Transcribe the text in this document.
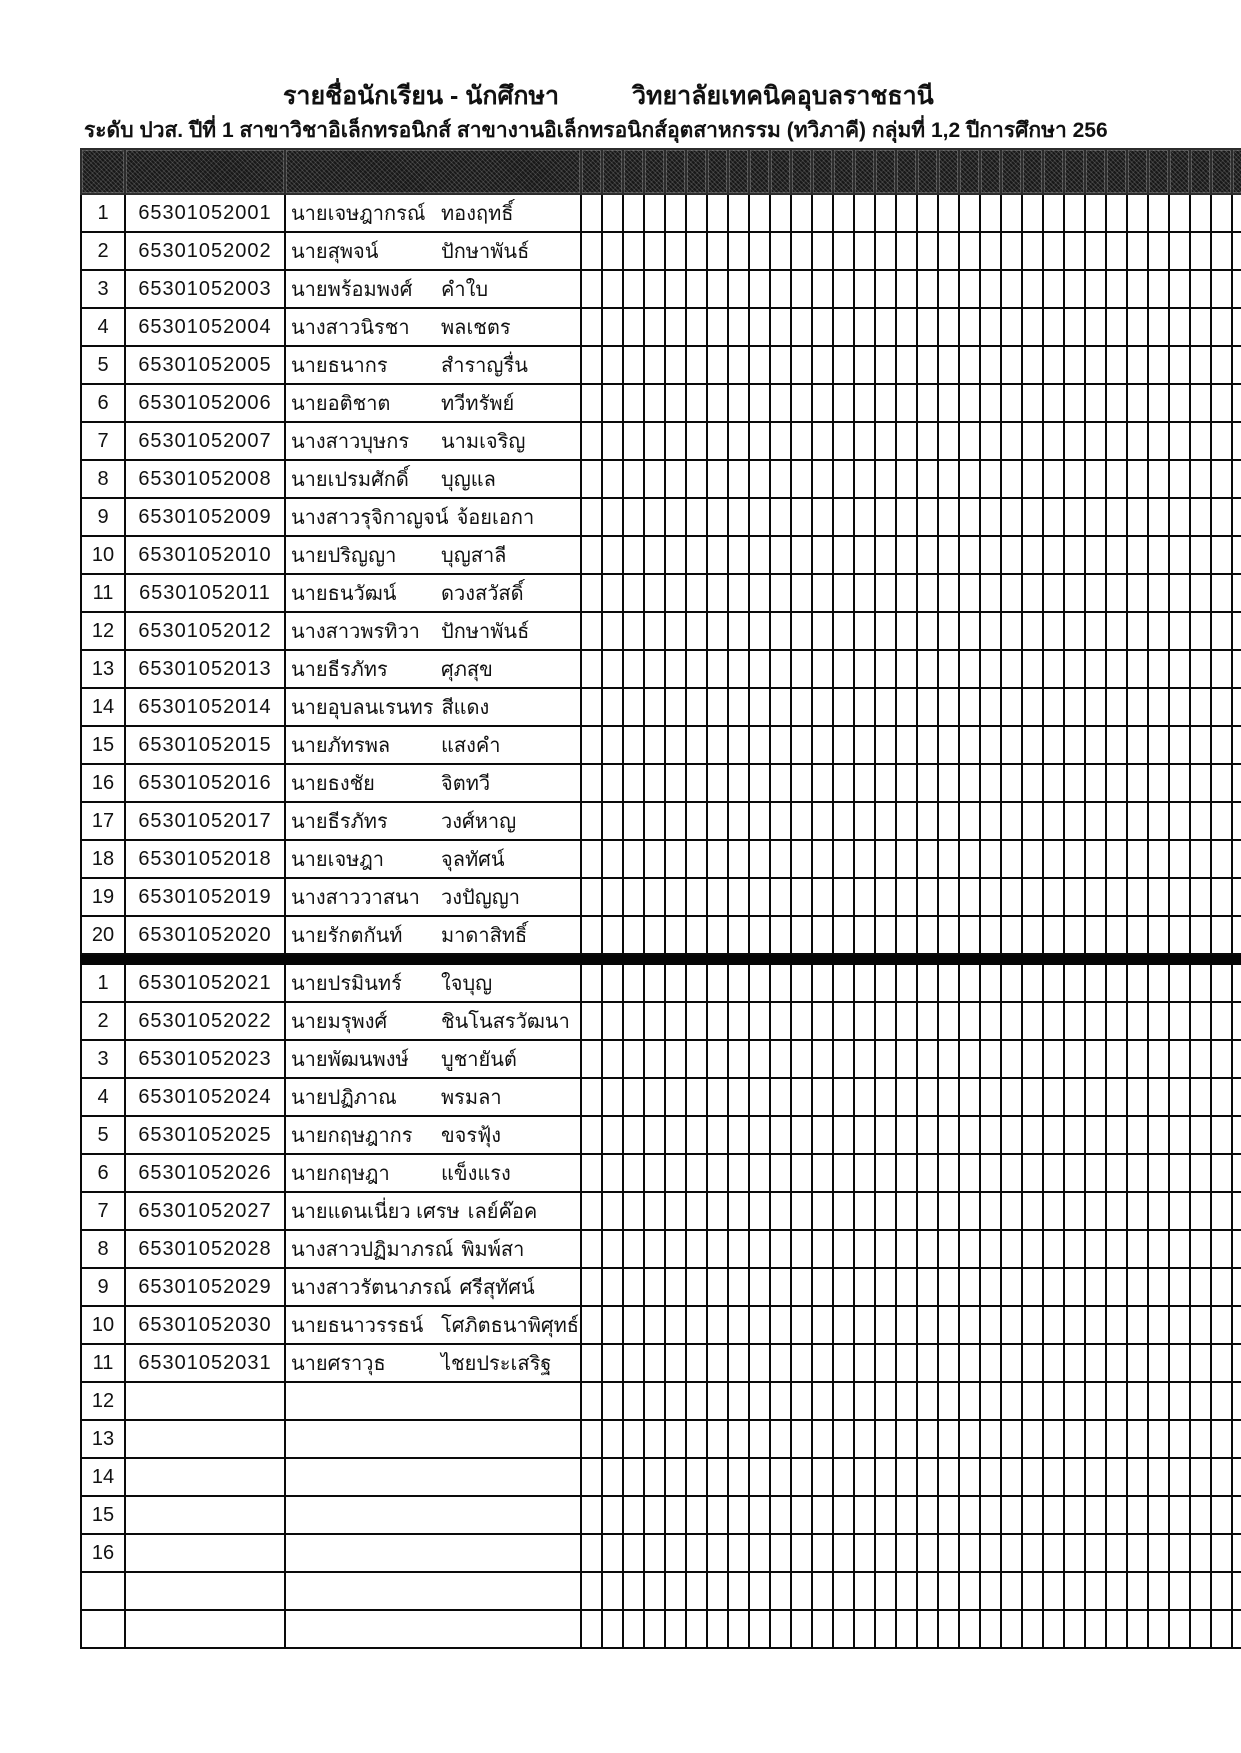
รายชื่อนักเรียน - นักศึกษา	วิทยาลัยเทคนิคอุบลราชธานี
ระดับ ปวส. ปีที่ 1 สาขาวิชาอิเล็กทรอนิกส์ สาขางานอิเล็กทรอนิกส์อุตสาหกรรม (ทวิภาคี) กลุ่มที่ 1,2 ปีการศึกษา 256

1	65301052001	นายเจษฎากรณ์ ทองฤทธิ์																																	

2	65301052002	นายสุพจน์ ปักษาพันธ์																																	

3	65301052003	นายพร้อมพงศ์ คำใบ																																	

4	65301052004	นางสาวนิรชา พลเชตร																																	

5	65301052005	นายธนากร สำราญรื่น																																	

6	65301052006	นายอติชาต ทวีทรัพย์																																	

7	65301052007	นางสาวบุษกร นามเจริญ																																	

8	65301052008	นายเปรมศักดิ์ บุญแล																																	

9	65301052009	นางสาวรุจิกาญจน์ จ้อยเอกา																																	

10	65301052010	นายปริญญา บุญสาลี																																	

11	65301052011	นายธนวัฒน์ ดวงสวัสดิ์																																	

12	65301052012	นางสาวพรทิวา ปักษาพันธ์																																	

13	65301052013	นายธีรภัทร ศุภสุข																																	

14	65301052014	นายอุบลนเรนทร สีแดง																																	

15	65301052015	นายภัทรพล แสงคำ																																	

16	65301052016	นายธงชัย จิตทวี																																	

17	65301052017	นายธีรภัทร วงศ์หาญ																																	

18	65301052018	นายเจษฎา จุลทัศน์																																	

19	65301052019	นางสาววาสนา วงปัญญา																																	

20	65301052020	นายรักตกันท์ มาดาสิทธิ์																																	

1	65301052021	นายปรมินทร์ ใจบุญ																																	

2	65301052022	นายมรุพงศ์ ชินโนสรวัฒนา																																	

3	65301052023	นายพัฒนพงษ์ บูชายันต์																																	

4	65301052024	นายปฏิภาณ พรมลา																																	

5	65301052025	นายกฤษฎากร ขจรฟุ้ง																																	

6	65301052026	นายกฤษฎา แข็งแรง																																	

7	65301052027	นายแดนเนี่ยว เศรษ เลย์ค๊อค																																	

8	65301052028	นางสาวปฏิมาภรณ์ พิมพ์สา																																	

9	65301052029	นางสาวรัตนาภรณ์ ศรีสุทัศน์																																	

10	65301052030	นายธนาวรรธน์ โศภิตธนาพิศุทธ์																																	

11	65301052031	นายศราวุธ ไชยประเสริฐ																																	

12		

13		

14		

15		

16		
